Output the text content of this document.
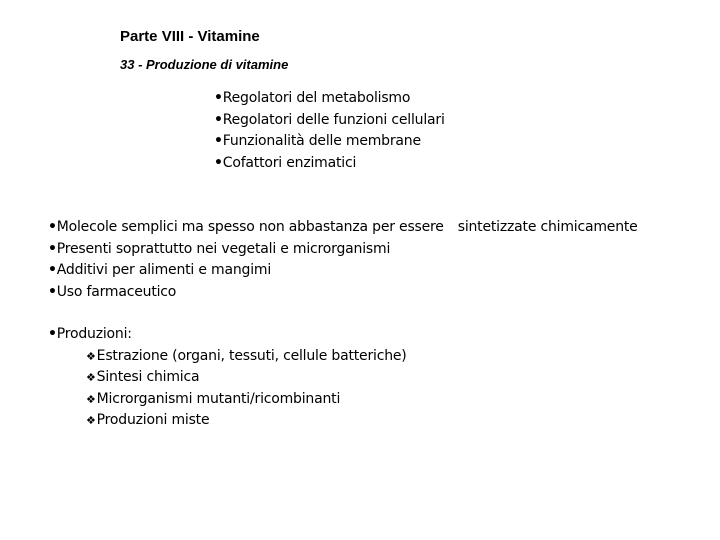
Parte VIII - Vitamine
33 - Produzione di vitamine
•Regolatori del metabolismo
•Regolatori delle funzioni cellulari
•Funzionalità delle membrane
•Cofattori enzimatici
•Molecole semplici ma spesso non abbastanza per essere sintetizzate chimicamente
•Presenti soprattutto nei vegetali e microrganismi
•Additivi per alimenti e mangimi
•Uso farmaceutico
•Produzioni:
❖Estrazione (organi, tessuti, cellule batteriche)
❖Sintesi chimica
❖Microrganismi mutanti/ricombinanti
❖Produzioni miste
